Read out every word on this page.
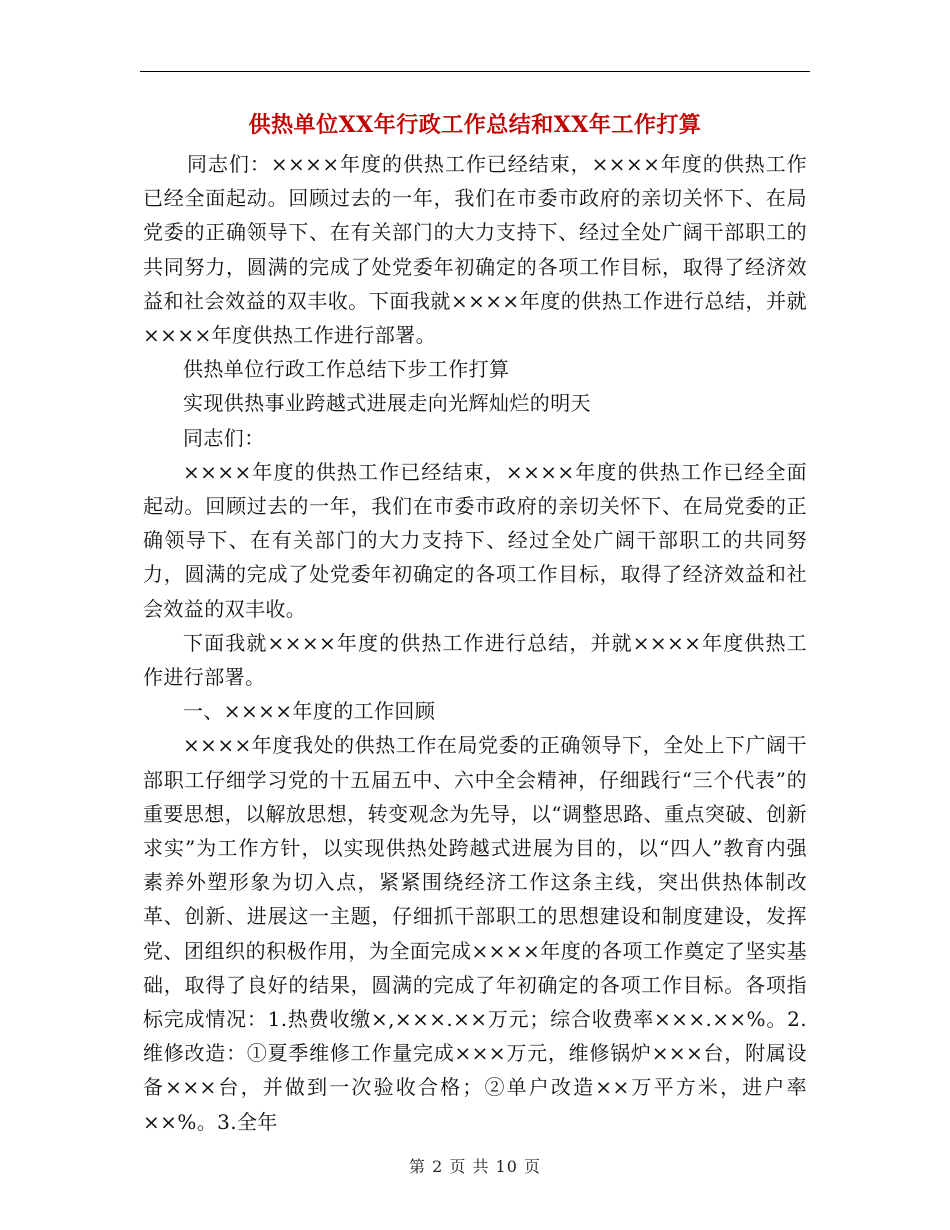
供热单位XX年行政工作总结和XX年工作打算

同志们：××××年度的供热工作已经结束，××××年度的供热工作已经全面起动。回顾过去的一年，我们在市委市政府的亲切关怀下、在局党委的正确领导下、在有关部门的大力支持下、经过全处广阔干部职工的共同努力，圆满的完成了处党委年初确定的各项工作目标，取得了经济效益和社会效益的双丰收。下面我就××××年度的供热工作进行总结，并就××××年度供热工作进行部署。

供热单位行政工作总结下步工作打算

实现供热事业跨越式进展走向光辉灿烂的明天

同志们：

××××年度的供热工作已经结束，××××年度的供热工作已经全面起动。回顾过去的一年，我们在市委市政府的亲切关怀下、在局党委的正确领导下、在有关部门的大力支持下、经过全处广阔干部职工的共同努力，圆满的完成了处党委年初确定的各项工作目标，取得了经济效益和社会效益的双丰收。

下面我就××××年度的供热工作进行总结，并就××××年度供热工作进行部署。

一、××××年度的工作回顾

××××年度我处的供热工作在局党委的正确领导下，全处上下广阔干部职工仔细学习党的十五届五中、六中全会精神，仔细践行“三个代表”的重要思想，以解放思想，转变观念为先导，以“调整思路、重点突破、创新求实”为工作方针，以实现供热处跨越式进展为目的，以“四人”教育内强素养外塑形象为切入点，紧紧围绕经济工作这条主线，突出供热体制改革、创新、进展这一主题，仔细抓干部职工的思想建设和制度建设，发挥党、团组织的积极作用，为全面完成××××年度的各项工作奠定了坚实基础，取得了良好的结果，圆满的完成了年初确定的各项工作目标。各项指标完成情况：1.热费收缴×,×××.××万元；综合收费率×××.××%。2.维修改造：①夏季维修工作量完成×××万元，维修锅炉×××台，附属设备×××台，并做到一次验收合格；②单户改造××万平方米，进户率××%。3.全年

第 2 页 共 10 页
